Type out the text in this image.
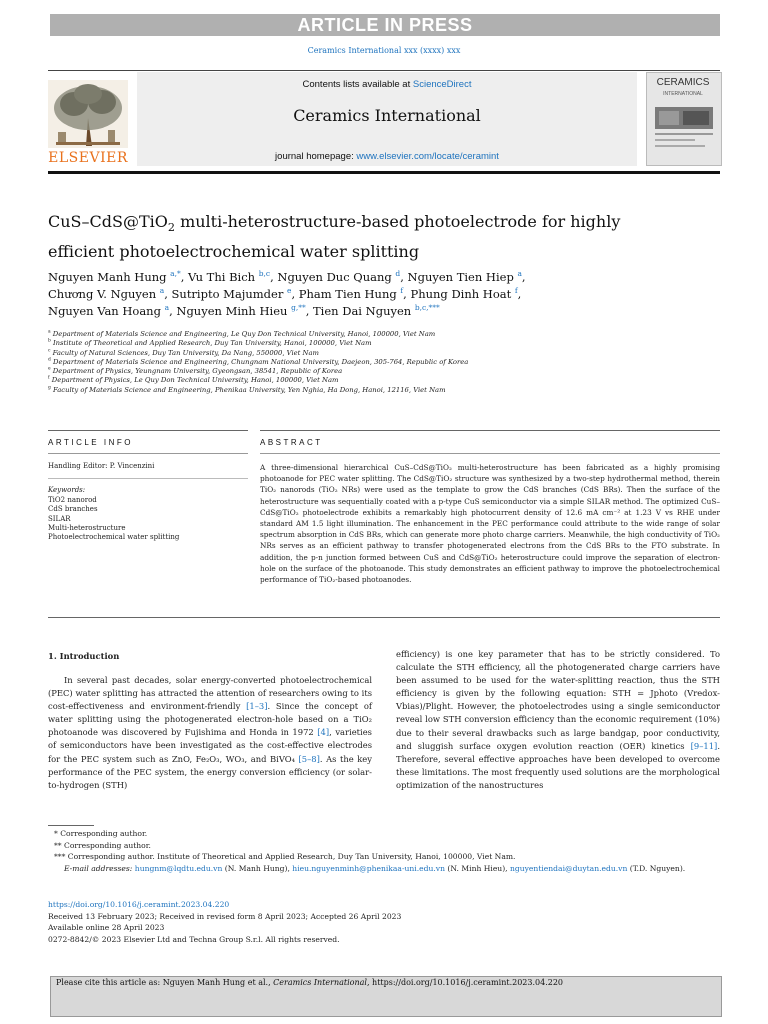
ARTICLE IN PRESS
Ceramics International xxx (xxxx) xxx
ELSEVIER
Contents lists available at ScienceDirect
Ceramics International
journal homepage: www.elsevier.com/locate/ceramint
CERAMICS
INTERNATIONAL
CuS–CdS@TiO$_2$ multi-heterostructure-based photoelectrode for highly
efficient photoelectrochemical water splitting
Nguyen Manh Hung $^{a,*}$, Vu Thi Bich $^{b,c}$, Nguyen Duc Quang $^d$, Nguyen Tien Hiep $^a$,
Chương V. Nguyen $^a$, Sutripto Majumder $^e$, Pham Tien Hung $^f$, Phung Dinh Hoat $^f$,
Nguyen Van Hoang $^a$, Nguyen Minh Hieu $^{g,**}$, Tien Dai Nguyen $^{b,c,***}$
$^a$ Department of Materials Science and Engineering, Le Quy Don Technical University, Hanoi, 100000, Viet Nam
$^b$ Institute of Theoretical and Applied Research, Duy Tan University, Hanoi, 100000, Viet Nam
$^c$ Faculty of Natural Sciences, Duy Tan University, Da Nang, 550000, Viet Nam
$^d$ Department of Materials Science and Engineering, Chungnam National University, Daejeon, 305-764, Republic of Korea
$^e$ Department of Physics, Yeungnam University, Gyeongsan, 38541, Republic of Korea
$^f$ Department of Physics, Le Quy Don Technical University, Hanoi, 100000, Viet Nam
$^g$ Faculty of Materials Science and Engineering, Phenikaa University, Yen Nghia, Ha Dong, Hanoi, 12116, Viet Nam
ARTICLE INFO	ABSTRACT
Handling Editor: P. Vincenzini
Keywords:
TiO2 nanorod
CdS branches
SILAR
Multi-heterostructure
Photoelectrochemical water splitting
A three-dimensional hierarchical CuS–CdS@TiO₂ multi-heterostructure has been fabricated as a highly promising photoanode for PEC water splitting. The CdS@TiO₂ structure was synthesized by a two-step hydrothermal method, therein TiO₂ nanorods (TiO₂ NRs) were used as the template to grow the CdS branches (CdS BRs). Then the surface of the heterostructure was sequentially coated with a p-type CuS semiconductor via a simple SILAR method. The optimized CuS–CdS@TiO₂ photoelectrode exhibits a remarkably high photocurrent density of 12.6 mA cm⁻² at 1.23 V vs RHE under standard AM 1.5 light illumination. The enhancement in the PEC performance could attribute to the wide range of solar spectrum absorption in CdS BRs, which can generate more photo charge carriers. Meanwhile, the high conductivity of TiO₂ NRs serves as an efficient pathway to transfer photogenerated electrons from the CdS BRs to the FTO substrate. In addition, the p-n junction formed between CuS and CdS@TiO₂ heterostructure could improve the separation of electron-hole on the surface of the photoanode. This study demonstrates an efficient pathway to improve the photoelectrochemical performance of TiO₂-based photoanodes.
1. Introduction

In several past decades, solar energy-converted photoelectrochemical (PEC) water splitting has attracted the attention of researchers owing to its cost-effectiveness and environment-friendly [1–3]. Since the concept of water splitting using the photogenerated electron-hole based on a TiO₂ photoanode was discovered by Fujishima and Honda in 1972 [4], varieties of semiconductors have been investigated as the cost-effective electrodes for the PEC system such as ZnO, Fe₂O₃, WO₃, and BiVO₄ [5–8]. As the key performance of the PEC system, the energy conversion efficiency (or solar-to-hydrogen (STH)

efficiency) is one key parameter that has to be strictly considered. To calculate the STH efficiency, all the photogenerated charge carriers have been assumed to be used for the water-splitting reaction, thus the STH efficiency is given by the following equation: STH = Jphoto (Vredox-Vbias)/Plight. However, the photoelectrodes using a single semiconductor reveal low STH conversion efficiency than the economic requirement (10%) due to their several drawbacks such as large bandgap, poor conductivity, and sluggish surface oxygen evolution reaction (OER) kinetics [9–11]. Therefore, several effective approaches have been developed to overcome these limitations. The most frequently used solutions are the morphological optimization of the nanostructures

* Corresponding author.
** Corresponding author.
*** Corresponding author. Institute of Theoretical and Applied Research, Duy Tan University, Hanoi, 100000, Viet Nam.
E-mail addresses: hungnm@lqdtu.edu.vn (N. Manh Hung), hieu.nguyenminh@phenikaa-uni.edu.vn (N. Minh Hieu), nguyentiendai@duytan.edu.vn (T.D. Nguyen).
https://doi.org/10.1016/j.ceramint.2023.04.220
Received 13 February 2023; Received in revised form 8 April 2023; Accepted 26 April 2023
Available online 28 April 2023
0272-8842/© 2023 Elsevier Ltd and Techna Group S.r.l. All rights reserved.
Please cite this article as: Nguyen Manh Hung et al., Ceramics International, https://doi.org/10.1016/j.ceramint.2023.04.220
